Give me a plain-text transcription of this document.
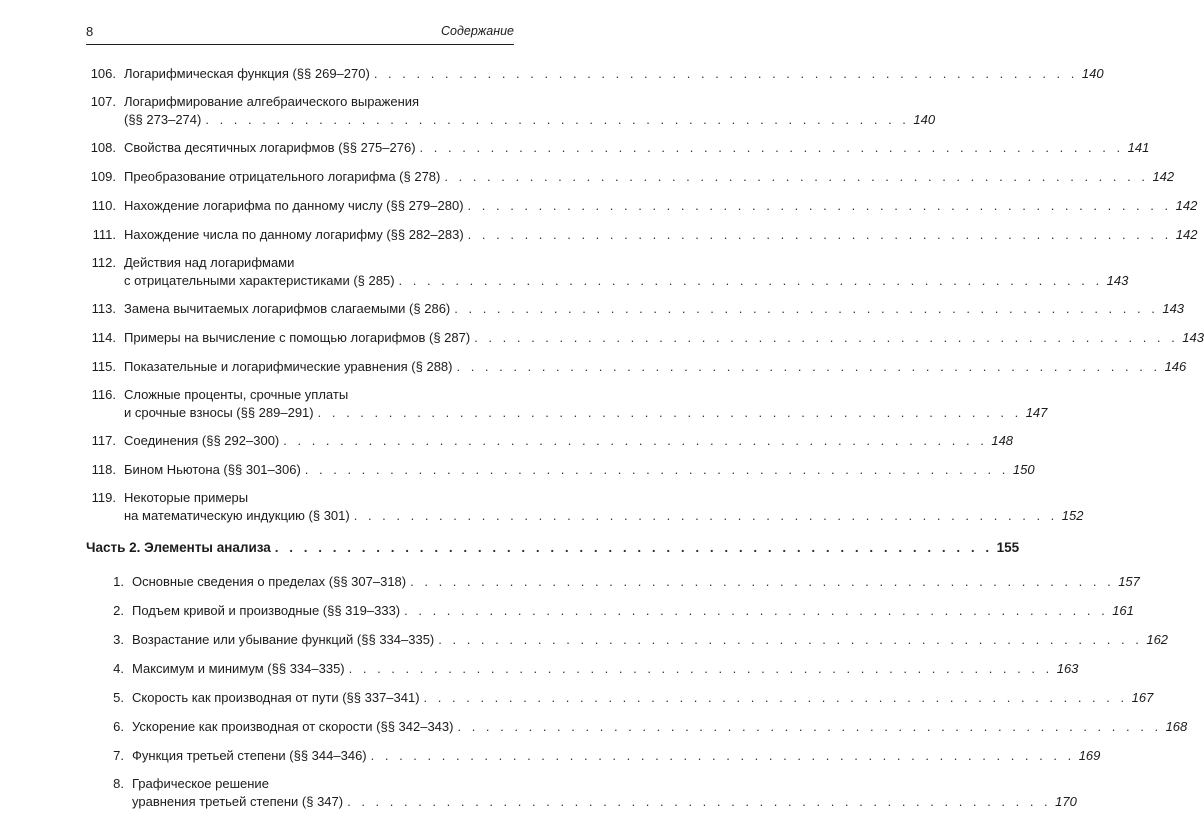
8	Содержание
106. Логарифмическая функция (§§ 269–270) . . . . . . . . . . . . . . . . . . . . . . . . . . . . . . . . . . . . . . . . . . . . . . . . . . 140
107. Логарифмирование алгебраического выражения
(§§ 273–274) . . . . . . . . . . . . . . . . . . . . . . . . . . . . . . . . . . . . . . . . . . . . . . . . . . 140
108. Свойства десятичных логарифмов (§§ 275–276) . . . . . . . . . . . . . . . . . . . . . . . . . . . . . . . . . . . . . . . . . . . . . . . . . . 141
109. Преобразование отрицательного логарифма (§ 278) . . . . . . . . . . . . . . . . . . . . . . . . . . . . . . . . . . . . . . . . . . . . . . . . . . 142
110. Нахождение логарифма по данному числу (§§ 279–280) . . . . . . . . . . . . . . . . . . . . . . . . . . . . . . . . . . . . . . . . . . . . . . . . . . 142
111. Нахождение числа по данному логарифму (§§ 282–283) . . . . . . . . . . . . . . . . . . . . . . . . . . . . . . . . . . . . . . . . . . . . . . . . . . 142
112. Действия над логарифмами
с отрицательными характеристиками (§ 285) . . . . . . . . . . . . . . . . . . . . . . . . . . . . . . . . . . . . . . . . . . . . . . . . . . 143
113. Замена вычитаемых логарифмов слагаемыми (§ 286) . . . . . . . . . . . . . . . . . . . . . . . . . . . . . . . . . . . . . . . . . . . . . . . . . . 143
114. Примеры на вычисление с помощью логарифмов (§ 287) . . . . . . . . . . . . . . . . . . . . . . . . . . . . . . . . . . . . . . . . . . . . . . . . . . 143
115. Показательные и логарифмические уравнения (§ 288) . . . . . . . . . . . . . . . . . . . . . . . . . . . . . . . . . . . . . . . . . . . . . . . . . . 146
116. Сложные проценты, срочные уплаты
и срочные взносы (§§ 289–291) . . . . . . . . . . . . . . . . . . . . . . . . . . . . . . . . . . . . . . . . . . . . . . . . . . 147
117. Соединения (§§ 292–300) . . . . . . . . . . . . . . . . . . . . . . . . . . . . . . . . . . . . . . . . . . . . . . . . . . 148
118. Бином Ньютона (§§ 301–306) . . . . . . . . . . . . . . . . . . . . . . . . . . . . . . . . . . . . . . . . . . . . . . . . . . 150
119. Некоторые примеры
на математическую индукцию (§ 301) . . . . . . . . . . . . . . . . . . . . . . . . . . . . . . . . . . . . . . . . . . . . . . . . . . 152
Часть 2. Элементы анализа . . . . . . . . . . . . . . . . . . . . . . . . . . . . . . . . . . . . . . . . . . . . . . . . . . 155
1. Основные сведения о пределах (§§ 307–318) . . . . . . . . . . . . . . . . . . . . . . . . . . . . . . . . . . . . . . . . . . . . . . . . . . 157
2. Подъем кривой и производные (§§ 319–333) . . . . . . . . . . . . . . . . . . . . . . . . . . . . . . . . . . . . . . . . . . . . . . . . . . 161
3. Возрастание или убывание функций (§§ 334–335) . . . . . . . . . . . . . . . . . . . . . . . . . . . . . . . . . . . . . . . . . . . . . . . . . . 162
4. Максимум и минимум (§§ 334–335) . . . . . . . . . . . . . . . . . . . . . . . . . . . . . . . . . . . . . . . . . . . . . . . . . . 163
5. Скорость как производная от пути (§§ 337–341) . . . . . . . . . . . . . . . . . . . . . . . . . . . . . . . . . . . . . . . . . . . . . . . . . . 167
6. Ускорение как производная от скорости (§§ 342–343) . . . . . . . . . . . . . . . . . . . . . . . . . . . . . . . . . . . . . . . . . . . . . . . . . . 168
7. Функция третьей степени (§§ 344–346) . . . . . . . . . . . . . . . . . . . . . . . . . . . . . . . . . . . . . . . . . . . . . . . . . . 169
8. Графическое решение
уравнения третьей степени (§ 347) . . . . . . . . . . . . . . . . . . . . . . . . . . . . . . . . . . . . . . . . . . . . . . . . . . 170
